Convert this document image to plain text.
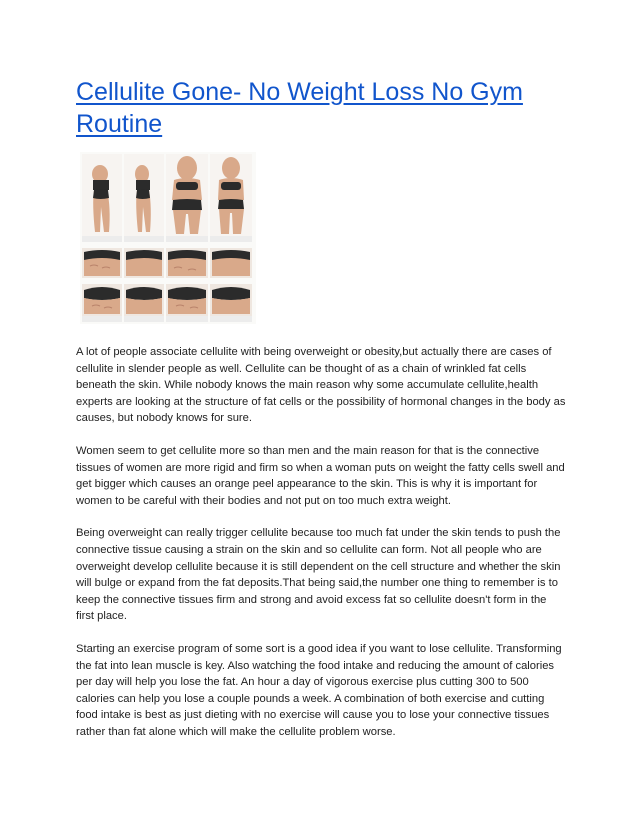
Cellulite Gone- No Weight Loss No Gym Routine

A lot of people associate cellulite with being overweight or obesity,but actually there are cases of cellulite in slender people as well. Cellulite can be thought of as a chain of wrinkled fat cells beneath the skin. While nobody knows the main reason why some accumulate cellulite,health experts are looking at the structure of fat cells or the possibility of hormonal changes in the body as causes, but nobody knows for sure.

Women seem to get cellulite more so than men and the main reason for that is the connective tissues of women are more rigid and firm so when a woman puts on weight the fatty cells swell and get bigger which causes an orange peel appearance to the skin. This is why it is important for women to be careful with their bodies and not put on too much extra weight.

Being overweight can really trigger cellulite because too much fat under the skin tends to push the connective tissue causing a strain on the skin and so cellulite can form. Not all people who are overweight develop cellulite because it is still dependent on the cell structure and whether the skin will bulge or expand from the fat deposits.That being said,the number one thing to remember is to keep the connective tissues firm and strong and avoid excess fat so cellulite doesn't form in the first place.

Starting an exercise program of some sort is a good idea if you want to lose cellulite. Transforming the fat into lean muscle is key. Also watching the food intake and reducing the amount of calories per day will help you lose the fat. An hour a day of vigorous exercise plus cutting 300 to 500 calories can help you lose a couple pounds a week. A combination of both exercise and cutting food intake is best as just dieting with no exercise will cause you to lose your connective tissues rather than fat alone which will make the cellulite problem worse.
